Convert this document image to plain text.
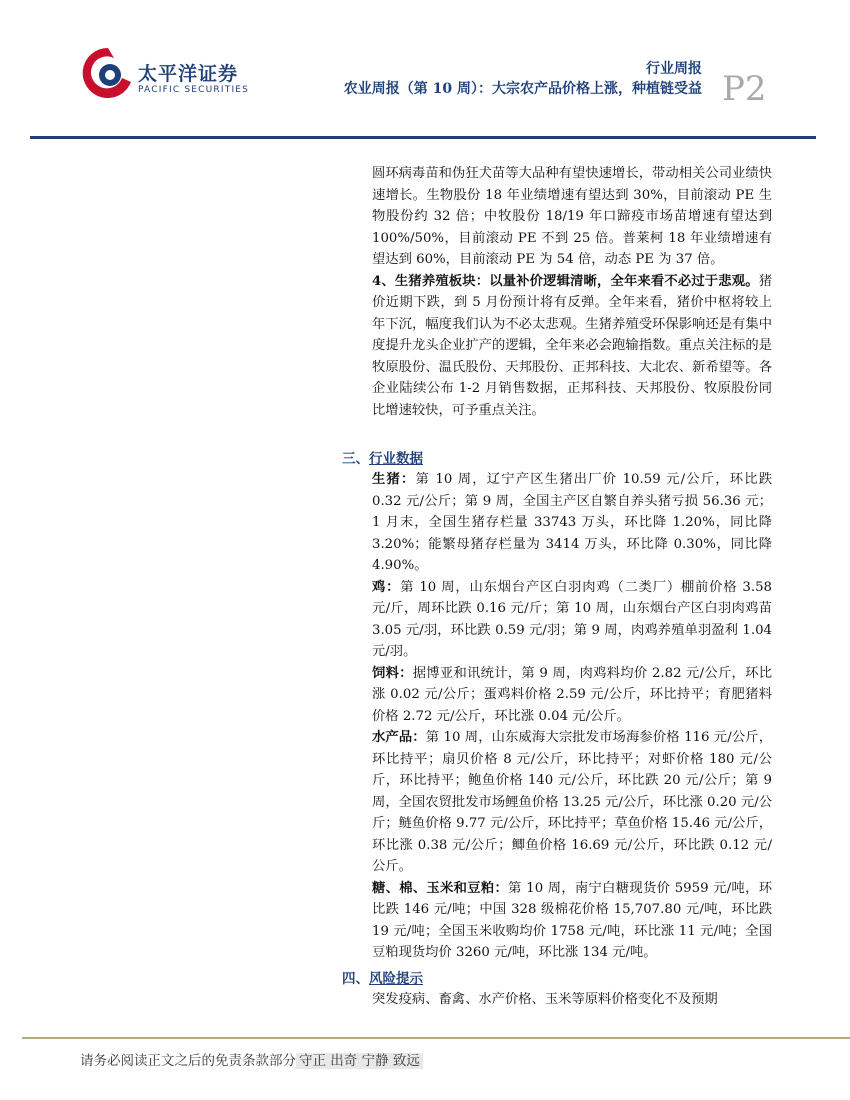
太平洋证券
PACIFIC SECURITIES
行业周报
农业周报（第 10 周）：大宗农产品价格上涨，种植链受益 P2

圆环病毒苗和伪狂犬苗等大品种有望快速增长，带动相关公司业绩快速增长。生物股份 18 年业绩增速有望达到 30%，目前滚动 PE 生物股份约 32 倍；中牧股份 18/19 年口蹄疫市场苗增速有望达到 100%/50%，目前滚动 PE 不到 25 倍。普莱柯 18 年业绩增速有望达到 60%，目前滚动 PE 为 54 倍，动态 PE 为 37 倍。

4、生猪养殖板块：以量补价逻辑清晰，全年来看不必过于悲观。猪价近期下跌，到 5 月份预计将有反弹。全年来看，猪价中枢将较上年下沉，幅度我们认为不必太悲观。生猪养殖受环保影响还是有集中度提升龙头企业扩产的逻辑，全年来必会跑输指数。重点关注标的是牧原股份、温氏股份、天邦股份、正邦科技、大北农、新希望等。各企业陆续公布 1-2 月销售数据，正邦科技、天邦股份、牧原股份同比增速较快，可予重点关注。

三、行业数据

生猪：第 10 周，辽宁产区生猪出厂价 10.59 元/公斤，环比跌 0.32 元/公斤；第 9 周，全国主产区自繁自养头猪亏损 56.36 元；1 月末，全国生猪存栏量 33743 万头，环比降 1.20%，同比降 3.20%；能繁母猪存栏量为 3414 万头，环比降 0.30%，同比降 4.90%。

鸡：第 10 周，山东烟台产区白羽肉鸡（二类厂）棚前价格 3.58 元/斤，周环比跌 0.16 元/斤；第 10 周，山东烟台产区白羽肉鸡苗 3.05 元/羽，环比跌 0.59 元/羽；第 9 周，肉鸡养殖单羽盈利 1.04 元/羽。

饲料：据博亚和讯统计，第 9 周，肉鸡料均价 2.82 元/公斤，环比涨 0.02 元/公斤；蛋鸡料价格 2.59 元/公斤，环比持平；育肥猪料价格 2.72 元/公斤，环比涨 0.04 元/公斤。

水产品：第 10 周，山东威海大宗批发市场海参价格 116 元/公斤，环比持平；扇贝价格 8 元/公斤，环比持平；对虾价格 180 元/公斤，环比持平；鲍鱼价格 140 元/公斤，环比跌 20 元/公斤；第 9 周，全国农贸批发市场鲤鱼价格 13.25 元/公斤，环比涨 0.20 元/公斤；鲢鱼价格 9.77 元/公斤，环比持平；草鱼价格 15.46 元/公斤，环比涨 0.38 元/公斤；鲫鱼价格 16.69 元/公斤，环比跌 0.12 元/公斤。

糖、棉、玉米和豆粕：第 10 周，南宁白糖现货价 5959 元/吨，环比跌 146 元/吨；中国 328 级棉花价格 15,707.80 元/吨，环比跌 19 元/吨；全国玉米收购均价 1758 元/吨，环比涨 11 元/吨；全国豆粕现货均价 3260 元/吨，环比涨 134 元/吨。

四、风险提示

突发疫病、畜禽、水产价格、玉米等原料价格变化不及预期

请务必阅读正文之后的免责条款部分 守正 出奇 宁静 致远
